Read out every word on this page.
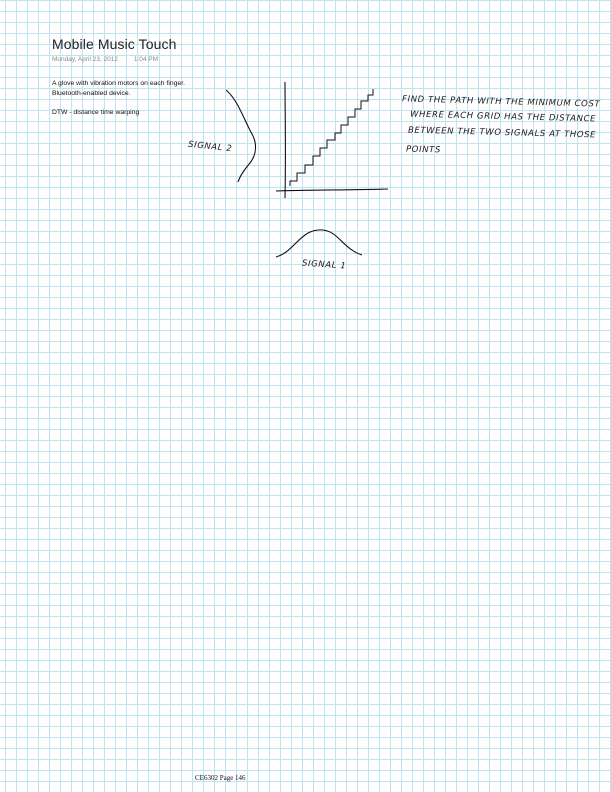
Mobile Music Touch
Monday, April 23, 2012 1:04 PM
A glove with vibration motors on each finger.
Bluetooth-enabled device.
DTW - distance time warping
SIGNAL 2
SIGNAL 1
FIND THE PATH WITH THE MINIMUM COST
WHERE EACH GRID HAS THE DISTANCE
BETWEEN THE TWO SIGNALS AT THOSE
POINTS
CE6302 Page 146
